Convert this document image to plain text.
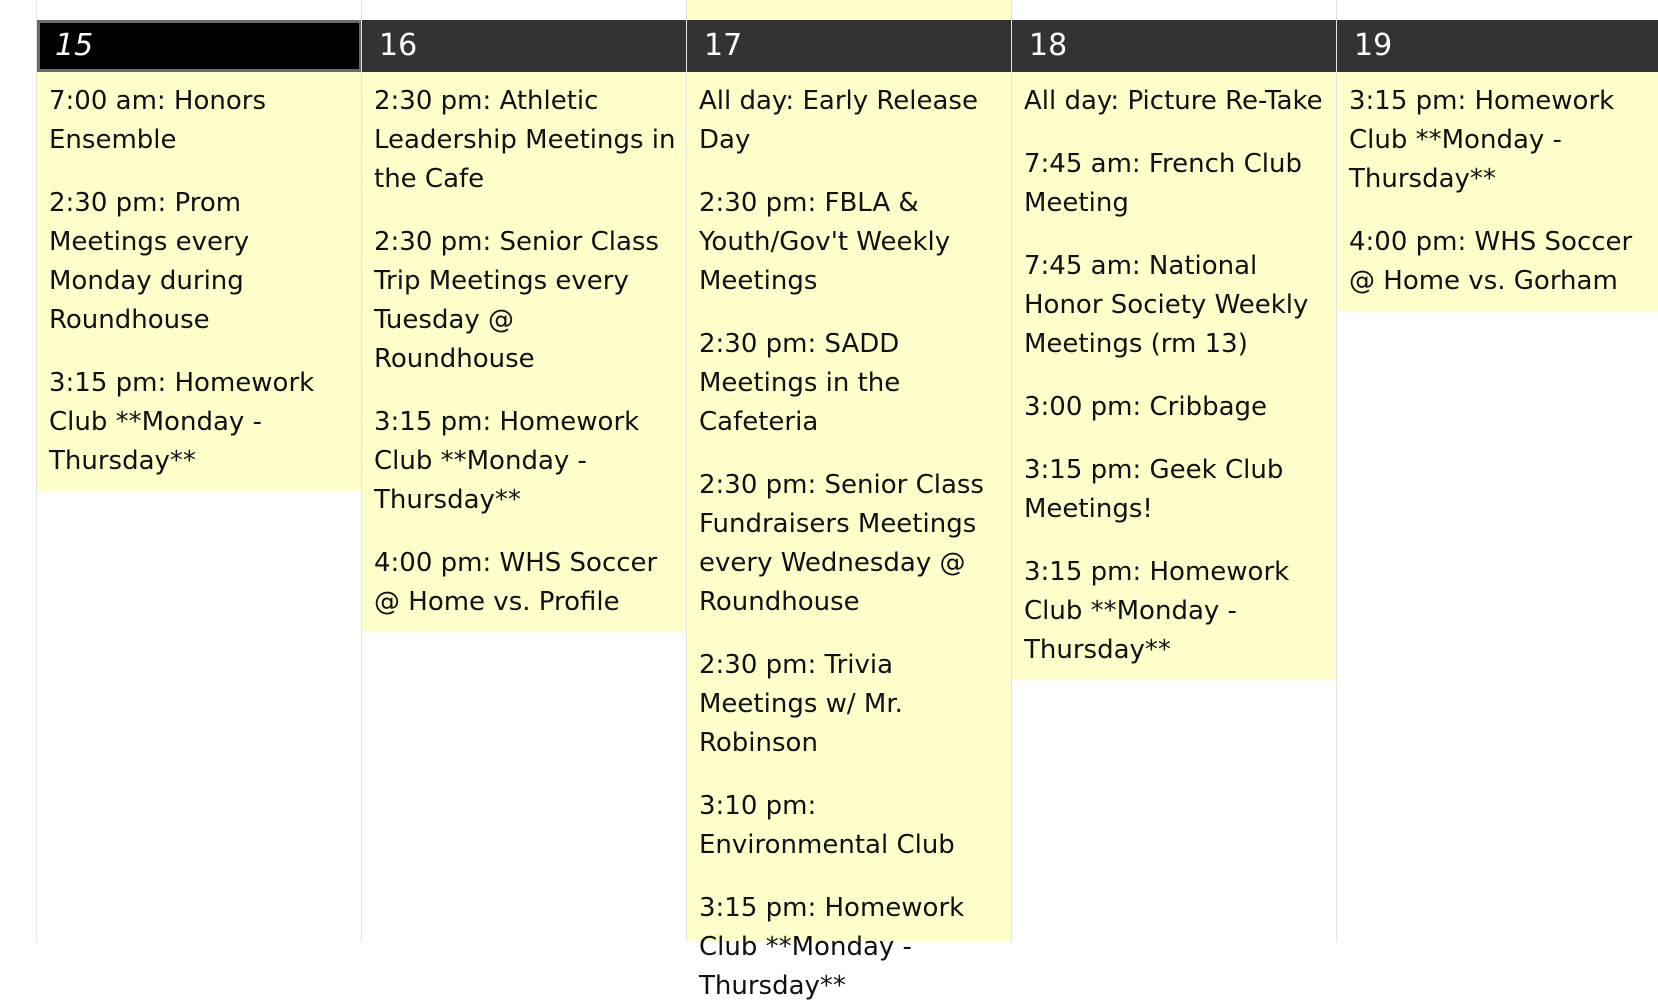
15
7:00 am: Honors Ensemble
2:30 pm: Prom Meetings every Monday during Roundhouse
3:15 pm: Homework Club **Monday - Thursday**
16
2:30 pm: Athletic Leadership Meetings in the Cafe
2:30 pm: Senior Class Trip Meetings every Tuesday @ Roundhouse
3:15 pm: Homework Club **Monday - Thursday**
4:00 pm: WHS Soccer @ Home vs. Profile
17
All day: Early Release Day
2:30 pm: FBLA & Youth/Gov't Weekly Meetings
2:30 pm: SADD Meetings in the Cafeteria
2:30 pm: Senior Class Fundraisers Meetings every Wednesday @ Roundhouse
2:30 pm: Trivia Meetings w/ Mr. Robinson
3:10 pm: Environmental Club
3:15 pm: Homework Club **Monday - Thursday**
18
All day: Picture Re-Take
7:45 am: French Club Meeting
7:45 am: National Honor Society Weekly Meetings (rm 13)
3:00 pm: Cribbage
3:15 pm: Geek Club Meetings!
3:15 pm: Homework Club **Monday - Thursday**
19
3:15 pm: Homework Club **Monday - Thursday**
4:00 pm: WHS Soccer @ Home vs. Gorham
